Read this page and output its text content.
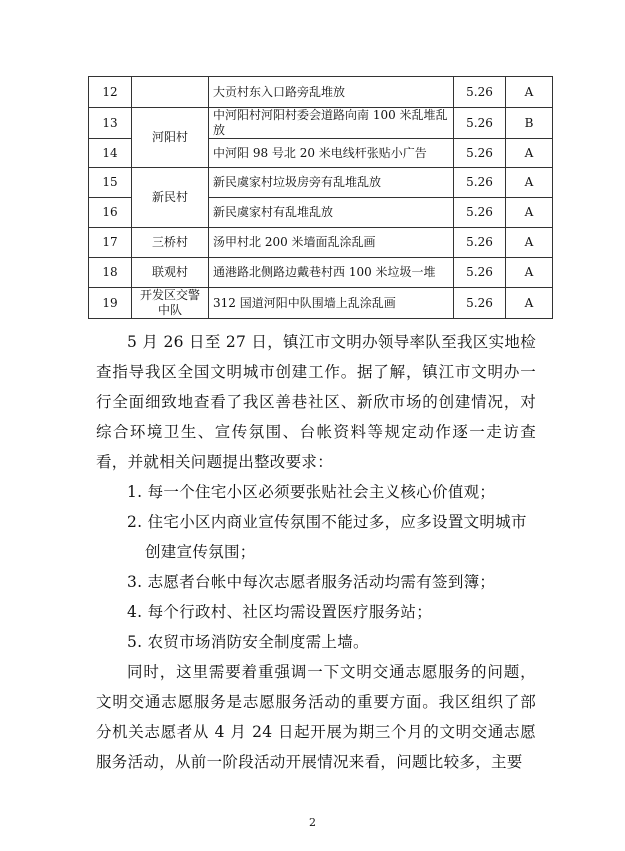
12		大贡村东入口路旁乱堆放	5.26	A
13	河阳村	中河阳村河阳村委会道路向南 100 米乱堆乱放	5.26	B
14		中河阳 98 号北 20 米电线杆张贴小广告	5.26	A
15	新民村	新民虞家村垃圾房旁有乱堆乱放	5.26	A
16		新民虞家村有乱堆乱放	5.26	A
17	三桥村	汤甲村北 200 米墙面乱涂乱画	5.26	A
18	联观村	通港路北侧路边戴巷村西 100 米垃圾一堆	5.26	A
19	开发区交警中队	312 国道河阳中队围墙上乱涂乱画	5.26	A

5 月 26 日至 27 日，镇江市文明办领导率队至我区实地检查指导我区全国文明城市创建工作。据了解，镇江市文明办一行全面细致地查看了我区善巷社区、新欣市场的创建情况，对综合环境卫生、宣传氛围、台帐资料等规定动作逐一走访查看，并就相关问题提出整改要求：

1. 每一个住宅小区必须要张贴社会主义核心价值观；

2. 住宅小区内商业宣传氛围不能过多，应多设置文明城市
创建宣传氛围；

3. 志愿者台帐中每次志愿者服务活动均需有签到簿；

4. 每个行政村、社区均需设置医疗服务站；

5. 农贸市场消防安全制度需上墙。

同时，这里需要着重强调一下文明交通志愿服务的问题，文明交通志愿服务是志愿服务活动的重要方面。我区组织了部分机关志愿者从 4 月 24 日起开展为期三个月的文明交通志愿服务活动，从前一阶段活动开展情况来看，问题比较多，主要

2
